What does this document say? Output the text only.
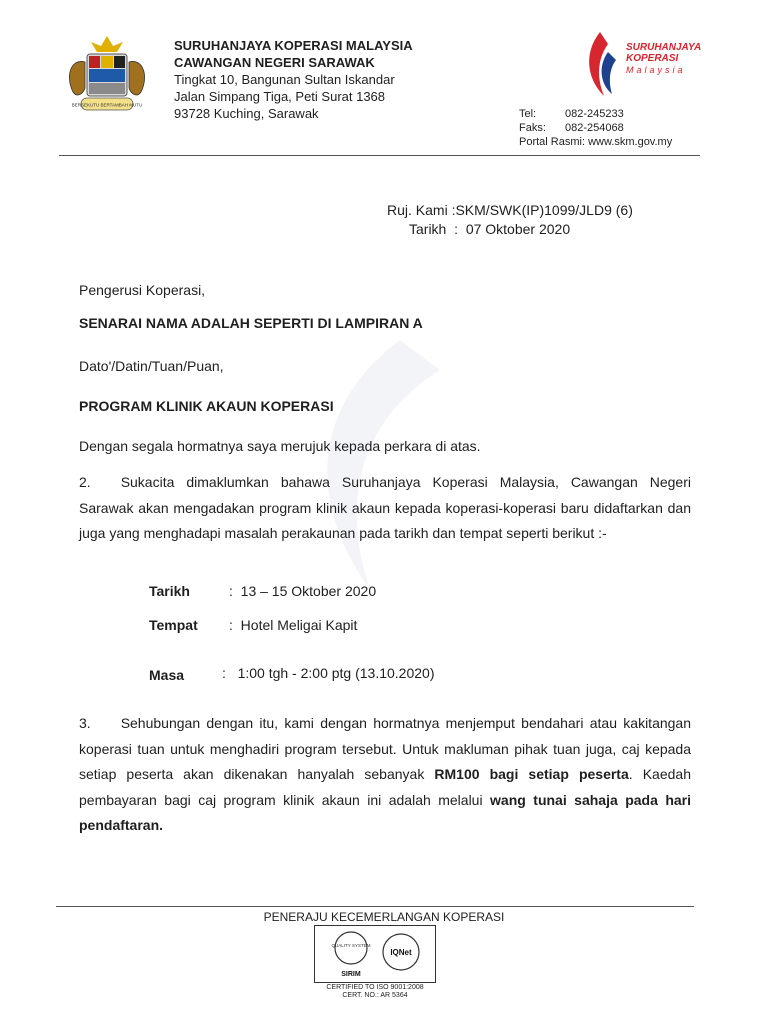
BERSEKUTU BERTAMBAH MUTU
SURUHANJAYA KOPERASI MALAYSIA
CAWANGAN NEGERI SARAWAK
Tingkat 10, Bangunan Sultan Iskandar
Jalan Simpang Tiga, Peti Surat 1368
93728 Kuching, Sarawak
SURUHANJAYA
KOPERASI
Malaysia
Tel:	082-245233
Faks: 082-254068
Portal Rasmi: www.skm.gov.my
Ruj. Kami :SKM/SWK(IP)1099/JLD9 (6)
Tarikh  :  07 Oktober 2020
Pengerusi Koperasi,
SENARAI NAMA ADALAH SEPERTI DI LAMPIRAN A
Dato'/Datin/Tuan/Puan,
PROGRAM KLINIK AKAUN KOPERASI
Dengan segala hormatnya saya merujuk kepada perkara di atas.
2. Sukacita dimaklumkan bahawa Suruhanjaya Koperasi Malaysia, Cawangan Negeri Sarawak akan mengadakan program klinik akaun kepada koperasi-koperasi baru didaftarkan dan juga yang menghadapi masalah perakaunan pada tarikh dan tempat seperti berikut :-
Tarikh	:  13 – 15 Oktober 2020
Tempat :  Hotel Meligai Kapit
Masa	:   1:00 tgh - 2:00 ptg (13.10.2020)
3. Sehubungan dengan itu, kami dengan hormatnya menjemput bendahari atau kakitangan koperasi tuan untuk menghadiri program tersebut. Untuk makluman pihak tuan juga, caj kepada setiap peserta akan dikenakan hanyalah sebanyak RM100 bagi setiap peserta. Kaedah pembayaran bagi caj program klinik akaun ini adalah melalui wang tunai sahaja pada hari pendaftaran.
PENERAJU KECEMERLANGAN KOPERASI
QUALITY SYSTEM
SIRIM
IQNet
CERTIFIED TO ISO 9001:2008
CERT. NO.: AR 5364
